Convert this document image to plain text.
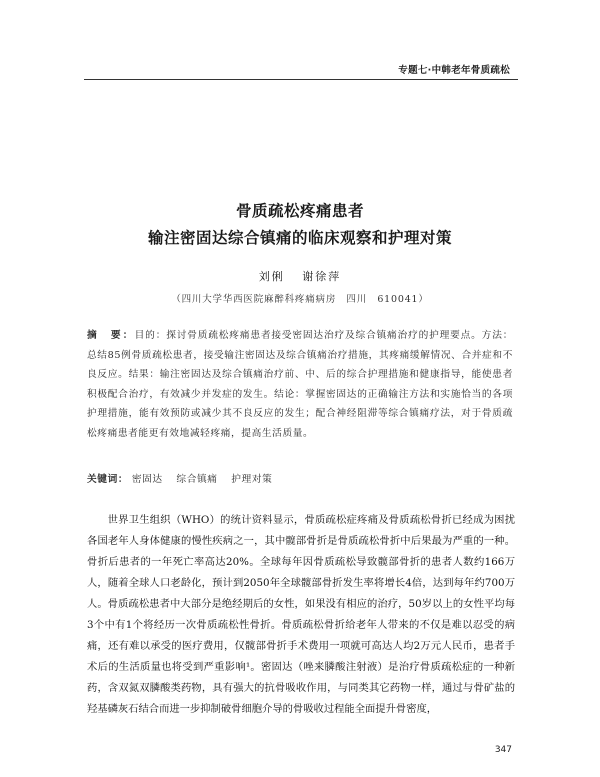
专题七·中韩老年骨质疏松
骨质疏松疼痛患者
输注密固达综合镇痛的临床观察和护理对策
刘俐 谢徐萍
（四川大学华西医院麻醉科疼痛病房　四川　610041）
摘　要：目的：探讨骨质疏松疼痛患者接受密固达治疗及综合镇痛治疗的护理要点。方法：总结85例骨质疏松患者，接受输注密固达及综合镇痛治疗措施，其疼痛缓解情况、合并症和不良反应。结果：输注密固达及综合镇痛治疗前、中、后的综合护理措施和健康指导，能使患者积极配合治疗，有效减少并发症的发生。结论：掌握密固达的正确输注方法和实施恰当的各项护理措施，能有效预防或减少其不良反应的发生；配合神经阻滞等综合镇痛疗法，对于骨质疏松疼痛患者能更有效地减轻疼痛，提高生活质量。
关键词： 密固达 综合镇痛 护理对策
世界卫生组织（WHO）的统计资料显示，骨质疏松症疼痛及骨质疏松骨折已经成为困扰各国老年人身体健康的慢性疾病之一，其中髋部骨折是骨质疏松骨折中后果最为严重的一种。骨折后患者的一年死亡率高达20%。全球每年因骨质疏松导致髋部骨折的患者人数约166万人，随着全球人口老龄化，预计到2050年全球髋部骨折发生率将增长4倍，达到每年约700万人。骨质疏松患者中大部分是绝经期后的女性，如果没有相应的治疗，50岁以上的女性平均每3个中有1个将经历一次骨质疏松性骨折。骨质疏松骨折给老年人带来的不仅是难以忍受的病痛，还有难以承受的医疗费用，仅髋部骨折手术费用一项就可高达人均2万元人民币，患者手术后的生活质量也将受到严重影响¹。密固达（唑来膦酸注射液）是治疗骨质疏松症的一种新药，含双氮双膦酸类药物，具有强大的抗骨吸收作用，与同类其它药物一样，通过与骨矿盐的羟基磷灰石结合而进一步抑制破骨细胞介导的骨吸收过程能全面提升骨密度，
347
